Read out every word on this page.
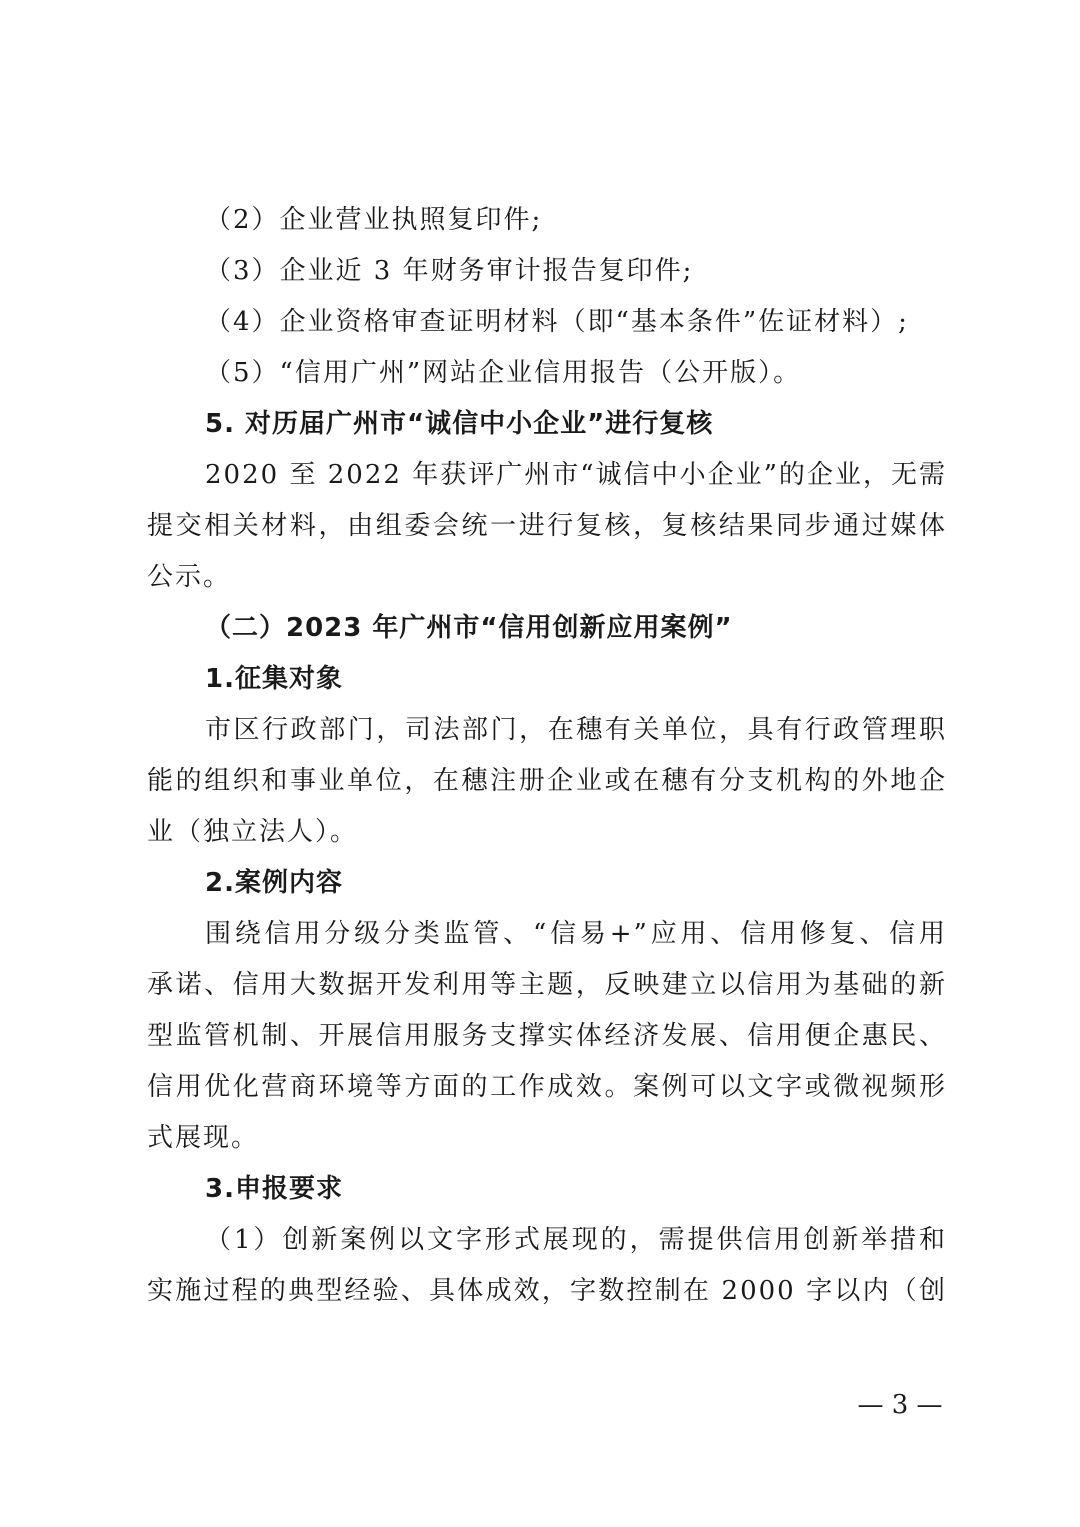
（2）企业营业执照复印件;
（3）企业近 3 年财务审计报告复印件;
（4）企业资格审查证明材料（即“基本条件”佐证材料）;
（5）“信用广州”网站企业信用报告（公开版）。
5. 对历届广州市“诚信中小企业”进行复核
2020 至 2022 年获评广州市“诚信中小企业”的企业，无需
提交相关材料，由组委会统一进行复核，复核结果同步通过媒体
公示。
（二）2023 年广州市“信用创新应用案例”
1.征集对象
市区行政部门，司法部门，在穗有关单位，具有行政管理职
能的组织和事业单位，在穗注册企业或在穗有分支机构的外地企
业（独立法人）。
2.案例内容
围绕信用分级分类监管、“信易+”应用、信用修复、信用
承诺、信用大数据开发利用等主题，反映建立以信用为基础的新
型监管机制、开展信用服务支撑实体经济发展、信用便企惠民、
信用优化营商环境等方面的工作成效。案例可以文字或微视频形
式展现。
3.申报要求
（1）创新案例以文字形式展现的，需提供信用创新举措和
实施过程的典型经验、具体成效，字数控制在 2000 字以内（创
— 3 —
